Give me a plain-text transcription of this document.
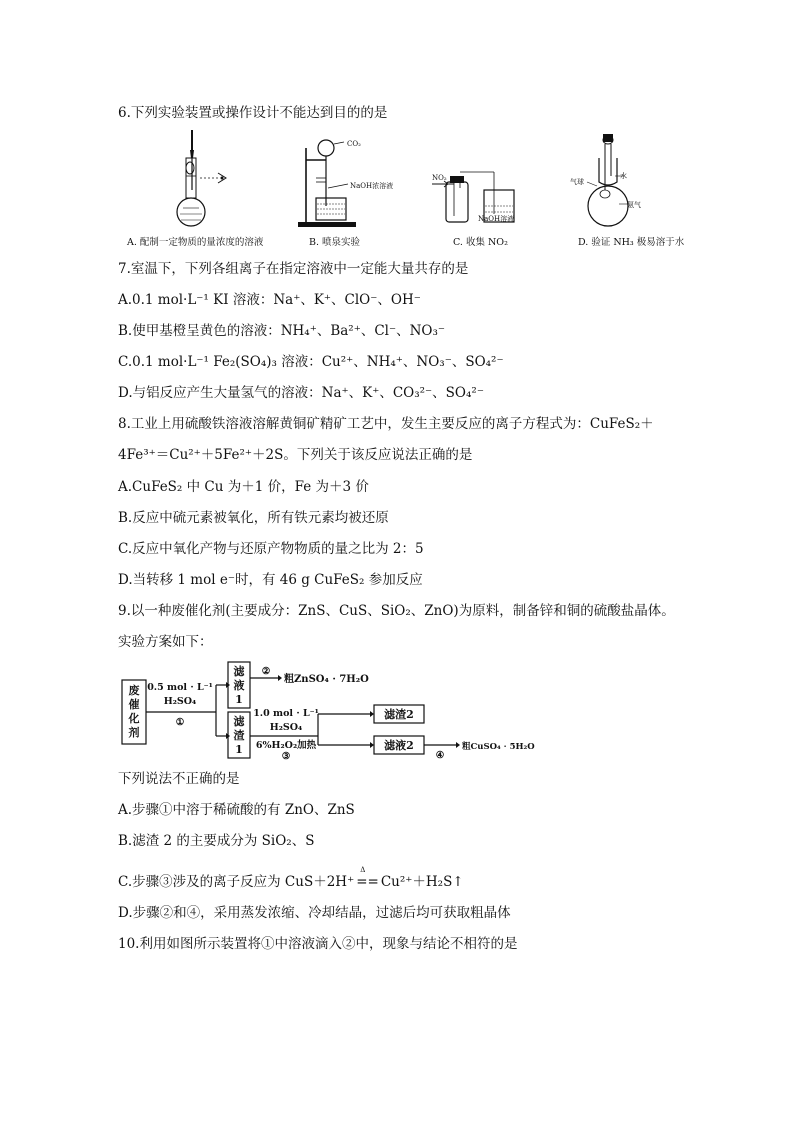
6.下列实验装置或操作设计不能达到目的的是
A. 配制一定物质的量浓度的溶液
CO₂
NaOH浓溶液
B. 喷泉实验
NO₂
NaOH溶液
C. 收集 NO₂
气球
水
氨气
D. 验证 NH₃ 极易溶于水
7.室温下，下列各组离子在指定溶液中一定能大量共存的是
A.0.1 mol·L⁻¹ KI 溶液：Na⁺、K⁺、ClO⁻、OH⁻
B.使甲基橙呈黄色的溶液：NH₄⁺、Ba²⁺、Cl⁻、NO₃⁻
C.0.1 mol·L⁻¹ Fe₂(SO₄)₃ 溶液：Cu²⁺、NH₄⁺、NO₃⁻、SO₄²⁻
D.与铝反应产生大量氢气的溶液：Na⁺、K⁺、CO₃²⁻、SO₄²⁻
8.工业上用硫酸铁溶液溶解黄铜矿精矿工艺中，发生主要反应的离子方程式为：CuFeS₂＋
4Fe³⁺＝Cu²⁺＋5Fe²⁺＋2S。下列关于该反应说法正确的是
A.CuFeS₂ 中 Cu 为＋1 价，Fe 为＋3 价
B.反应中硫元素被氧化，所有铁元素均被还原
C.反应中氧化产物与还原产物物质的量之比为 2：5
D.当转移 1 mol e⁻时，有 46 g CuFeS₂ 参加反应
9.以一种废催化剂(主要成分：ZnS、CuS、SiO₂、ZnO)为原料，制备锌和铜的硫酸盐晶体。
实验方案如下：
废
催
化
剂
滤
液
1
滤
渣
1
滤渣2
滤液2
0.5 mol · L⁻¹
H₂SO₄
①
②
1.0 mol · L⁻¹
H₂SO₄
6%H₂O₂加热
③	④
粗ZnSO₄ · 7H₂O
粗CuSO₄ · 5H₂O
下列说法不正确的是
A.步骤①中溶于稀硫酸的有 ZnO、ZnS
B.滤渣 2 的主要成分为 SiO₂、S
C.步骤③涉及的离子反应为 CuS＋2H⁺
Δ
== Cu²⁺＋H₂S↑
D.步骤②和④，采用蒸发浓缩、冷却结晶，过滤后均可获取粗晶体
10.利用如图所示装置将①中溶液滴入②中，现象与结论不相符的是
